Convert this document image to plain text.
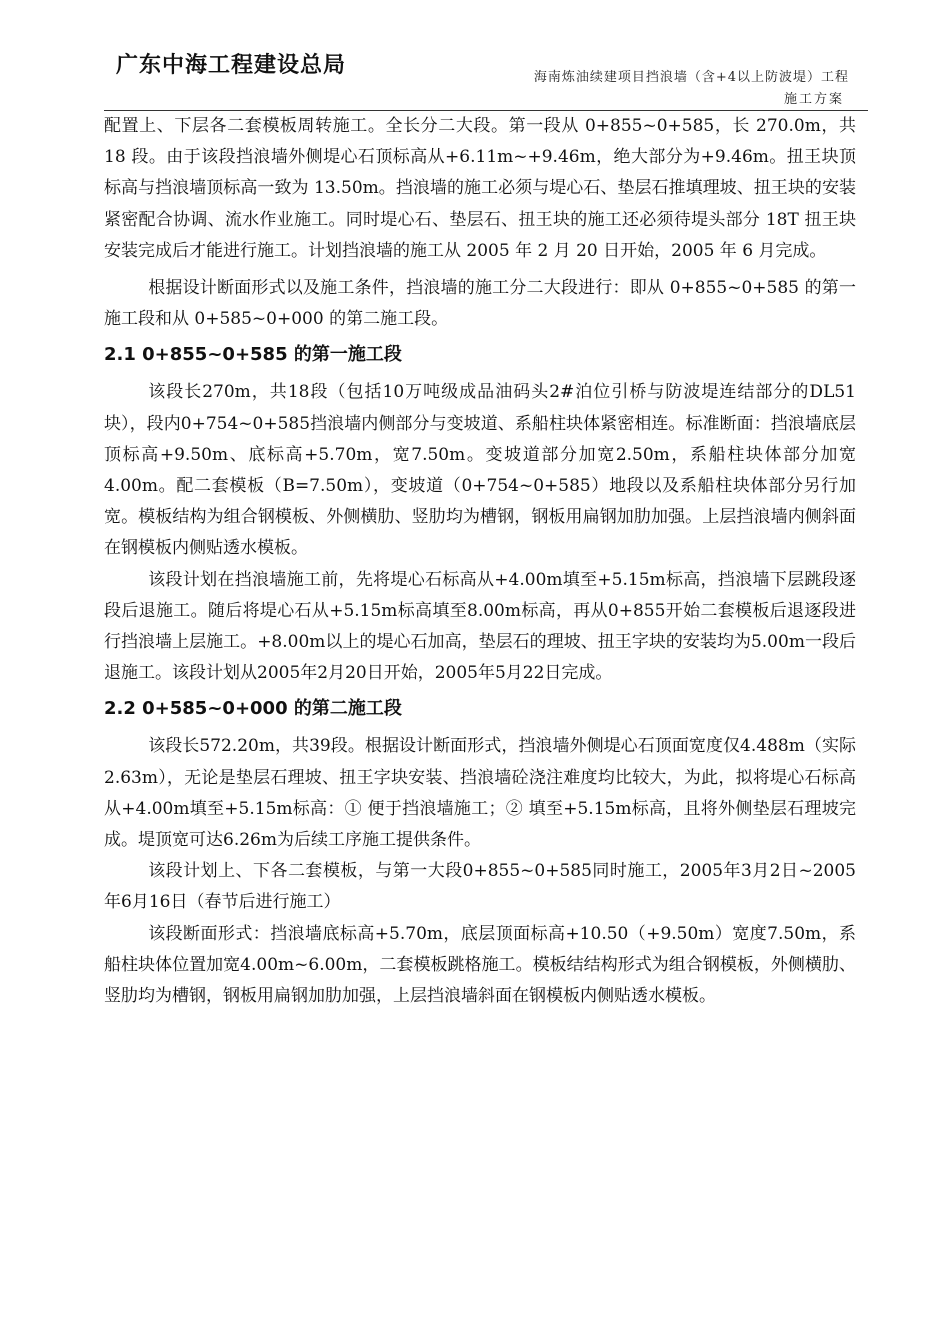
广东中海工程建设总局	海南炼油续建项目挡浪墙（含+4以上防波堤）工程
施工方案

配置上、下层各二套模板周转施工。全长分二大段。第一段从 0+855~0+585，长 270.0m，共 18 段。由于该段挡浪墙外侧堤心石顶标高从+6.11m~+9.46m，绝大部分为+9.46m。扭王块顶标高与挡浪墙顶标高一致为 13.50m。挡浪墙的施工必须与堤心石、垫层石推填理坡、扭王块的安装紧密配合协调、流水作业施工。同时堤心石、垫层石、扭王块的施工还必须待堤头部分 18T 扭王块安装完成后才能进行施工。计划挡浪墙的施工从 2005 年 2 月 20 日开始，2005 年 6 月完成。

根据设计断面形式以及施工条件，挡浪墙的施工分二大段进行：即从 0+855~0+585 的第一施工段和从 0+585~0+000 的第二施工段。

2.1 0+855~0+585 的第一施工段

该段长270m，共18段（包括10万吨级成品油码头2#泊位引桥与防波堤连结部分的DL51块），段内0+754~0+585挡浪墙内侧部分与变坡道、系船柱块体紧密相连。标准断面：挡浪墙底层顶标高+9.50m、底标高+5.70m，宽7.50m。变坡道部分加宽2.50m，系船柱块体部分加宽4.00m。配二套模板（B=7.50m），变坡道（0+754~0+585）地段以及系船柱块体部分另行加宽。模板结构为组合钢模板、外侧横肋、竖肋均为槽钢，钢板用扁钢加肋加强。上层挡浪墙内侧斜面在钢模板内侧贴透水模板。

该段计划在挡浪墙施工前，先将堤心石标高从+4.00m填至+5.15m标高，挡浪墙下层跳段逐段后退施工。随后将堤心石从+5.15m标高填至8.00m标高，再从0+855开始二套模板后退逐段进行挡浪墙上层施工。+8.00m以上的堤心石加高，垫层石的理坡、扭王字块的安装均为5.00m一段后退施工。该段计划从2005年2月20日开始，2005年5月22日完成。

2.2 0+585~0+000 的第二施工段

该段长572.20m，共39段。根据设计断面形式，挡浪墙外侧堤心石顶面宽度仅4.488m（实际2.63m），无论是垫层石理坡、扭王字块安装、挡浪墙砼浇注难度均比较大，为此，拟将堤心石标高从+4.00m填至+5.15m标高：① 便于挡浪墙施工；② 填至+5.15m标高，且将外侧垫层石理坡完成。堤顶宽可达6.26m为后续工序施工提供条件。

该段计划上、下各二套模板，与第一大段0+855~0+585同时施工，2005年3月2日~2005年6月16日（春节后进行施工）

该段断面形式：挡浪墙底标高+5.70m，底层顶面标高+10.50（+9.50m）宽度7.50m，系船柱块体位置加宽4.00m~6.00m，二套模板跳格施工。模板结结构形式为组合钢模板，外侧横肋、竖肋均为槽钢，钢板用扁钢加肋加强，上层挡浪墙斜面在钢模板内侧贴透水模板。
